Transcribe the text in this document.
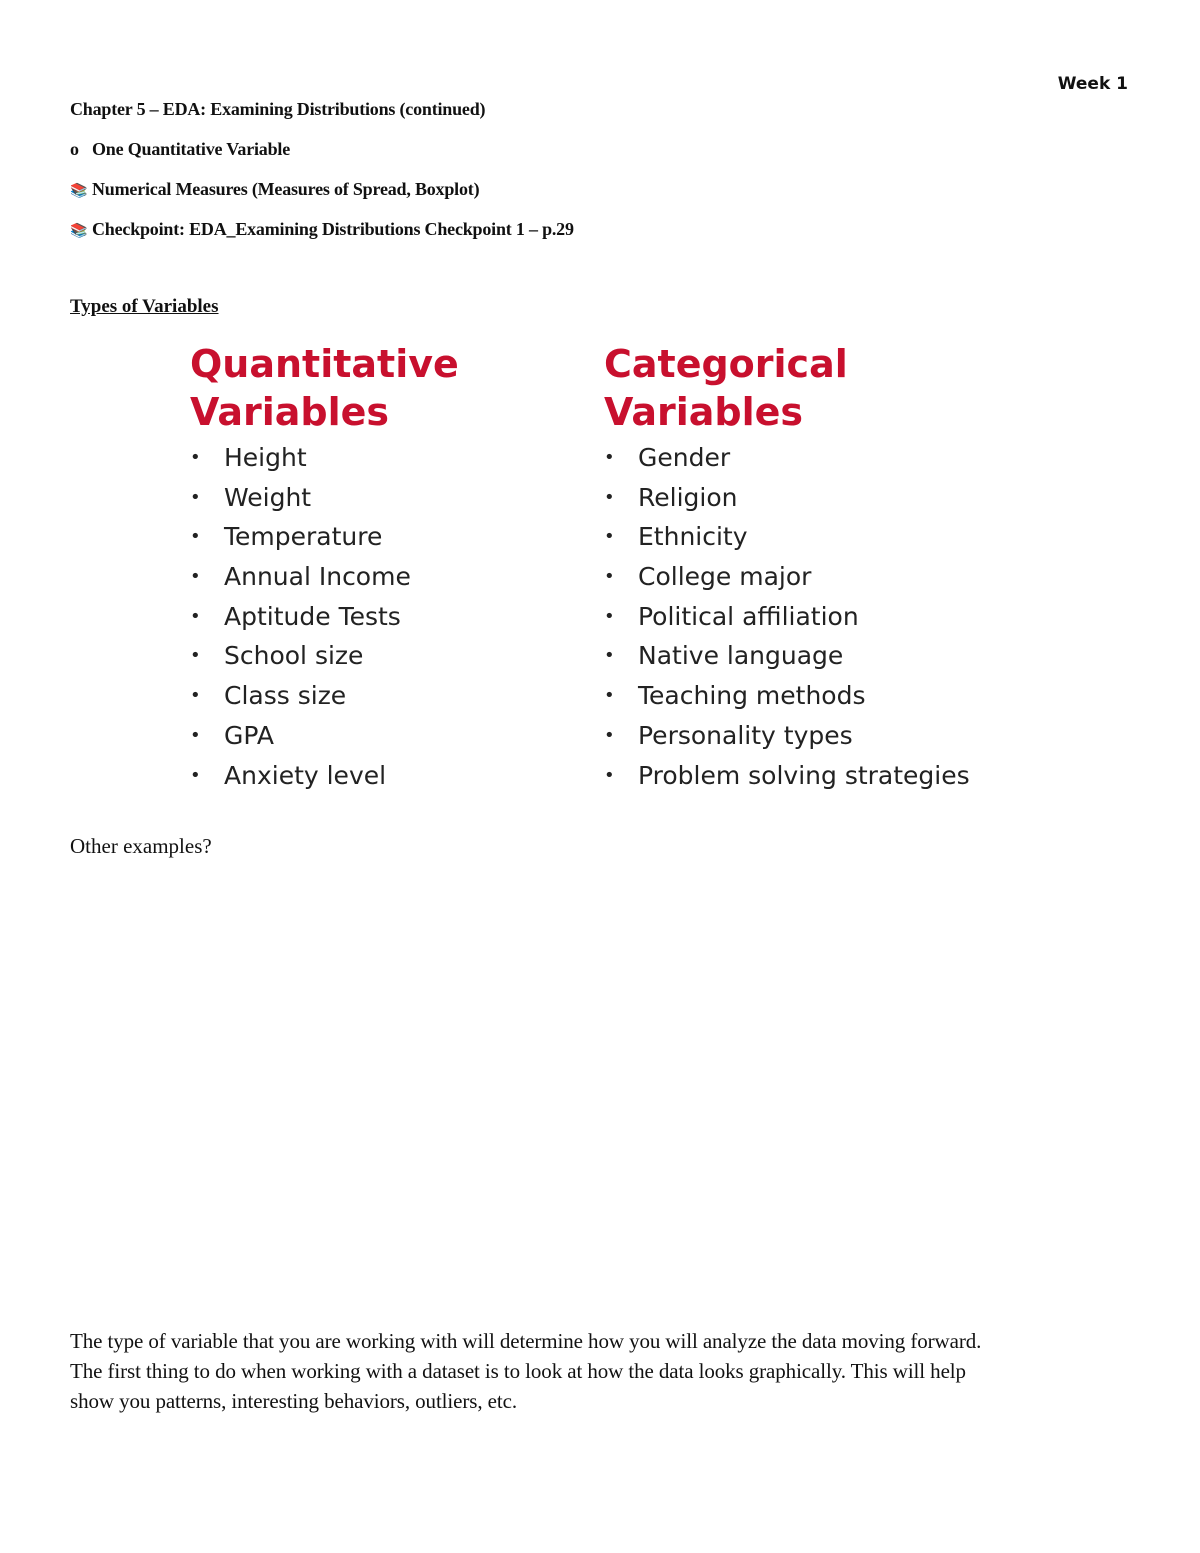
Week 1
Chapter 5 – EDA: Examining Distributions (continued)
o One Quantitative Variable
📚 Numerical Measures (Measures of Spread, Boxplot)
📚 Checkpoint: EDA_Examining Distributions Checkpoint 1 – p.29
Types of Variables
Quantitative
Variables
• Height
• Weight
• Temperature
• Annual Income
• Aptitude Tests
• School size
• Class size
• GPA
• Anxiety level
Categorical
Variables
• Gender
• Religion
• Ethnicity
• College major
• Political affiliation
• Native language
• Teaching methods
• Personality types
• Problem solving strategies
Other examples?

The type of variable that you are working with will determine how you will analyze the data moving forward.

The first thing to do when working with a dataset is to look at how the data looks graphically. This will help

show you patterns, interesting behaviors, outliers, etc.
